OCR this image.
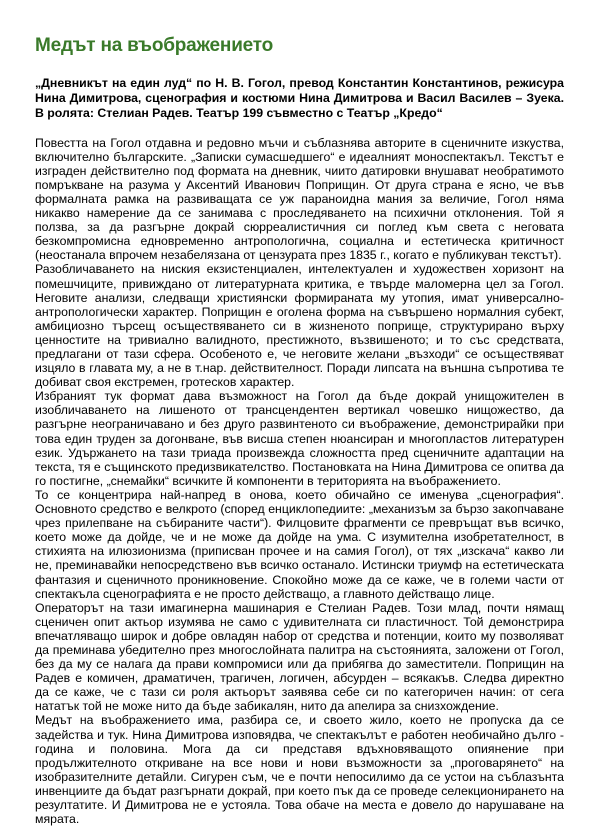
Медът на въображението

„Дневникът на един луд“ по Н. В. Гогол, превод Константин Константинов, режисура Нина Димитрова, сценография и костюми Нина Димитрова и Васил Василев – Зуека. В ролята: Стелиан Радев. Театър 199 съвместно с Театър „Кредо“

Повестта на Гогол отдавна и редовно мъчи и съблазнява авторите в сценичните изкуства, включително българските. „Записки сумасшедшего“ е идеалният моноспектакъл. Текстът е изграден действително под формата на дневник, чиито датировки внушават необратимото помръкване на разума у Аксентий Иванович Поприщин. От друга страна е ясно, че във формалната рамка на развиващата се уж параноидна мания за величие, Гогол няма никакво намерение да се занимава с проследяването на психични отклонения. Той я ползва, за да разгърне докрай сюрреалистичния си поглед към света с неговата безкомпромисна едновременно антропологична, социална и естетическа критичност (неостанала впрочем незабелязана от цензурата през 1835 г., когато е публикуван текстът).

Разобличаването на ниския екзистенциален, интелектуален и художествен хоризонт на помешчиците, привиждано от литературната критика, е твърде маломерна цел за Гогол. Неговите анализи, следващи християнски формираната му утопия, имат универсално-антропологически характер. Поприщин е оголена форма на съвършено нормалния субект, амбициозно търсещ осъществяването си в жизненото поприще, структурирано върху ценностите на тривиално валидното, престижното, възвишеното; и то със средствата, предлагани от тази сфера. Особеното е, че неговите желани „възходи“ се осъществяват изцяло в главата му, а не в т.нар. действителност. Поради липсата на външна съпротива те добиват своя екстремен, гротесков характер.

Избраният тук формат дава възможност на Гогол да бъде докрай унищожителен в изобличаването на лишеното от трансцендентен вертикал човешко нищожество, да разгърне неограничавано и без друго развинтеното си въображение, демонстрирайки при това един труден за догонване, във висша степен нюансиран и многопластов литературен език. Удържането на тази триада произвежда сложността пред сценичните адаптации на текста, тя е същинското предизвикателство. Постановката на Нина Димитрова се опитва да го постигне, „снемайки“ всичките й компоненти в територията на въображението.

То се концентрира най-напред в онова, което обичайно се именува „сценография“. Основното средство е велкрото (според енциклопедиите: „механизъм за бързо закопчаване чрез прилепване на събираните части“). Филцовите фрагменти се превръщат във всичко, което може да дойде, че и не може да дойде на ума. С изумителна изобретателност, в стихията на илюзионизма (приписван прочее и на самия Гогол), от тях „изскача“ какво ли не, преминавайки непосредствено във всичко останало. Истински триумф на естетическата фантазия и сценичното проникновение. Спокойно може да се каже, че в големи части от спектакъла сценографията е не просто действащо, а главното действащо лице.

Операторът на тази имагинерна машинария е Стелиан Радев. Този млад, почти нямащ сценичен опит актьор изумява не само с удивителната си пластичност. Той демонстрира впечатляващо широк и добре овладян набор от средства и потенции, които му позволяват да преминава убедително през многослойната палитра на състоянията, заложени от Гогол, без да му се налага да прави компромиси или да прибягва до заместители. Поприщин на Радев е комичен, драматичен, трагичен, логичен, абсурден – всякакъв. Следва директно да се каже, че с тази си роля актьорът заявява себе си по категоричен начин: от сега нататък той не може нито да бъде забикалян, нито да апелира за снизхождение.

Медът на въображението има, разбира се, и своето жило, което не пропуска да се задейства и тук. Нина Димитрова изповядва, че спектакълът е работен необичайно дълго - година и половина. Мога да си представя вдъхновяващото опиянение при продължителното откриване на все нови и нови възможности за „проговарянето“ на изобразителните детайли. Сигурен съм, че е почти непосилимо да се устои на съблазънта инвенциите да бъдат разгърнати докрай, при което пък да се проведе селекционирането на резултатите. И Димитрова не е устояла. Това обаче на места е довело до нарушаване на мярата.
